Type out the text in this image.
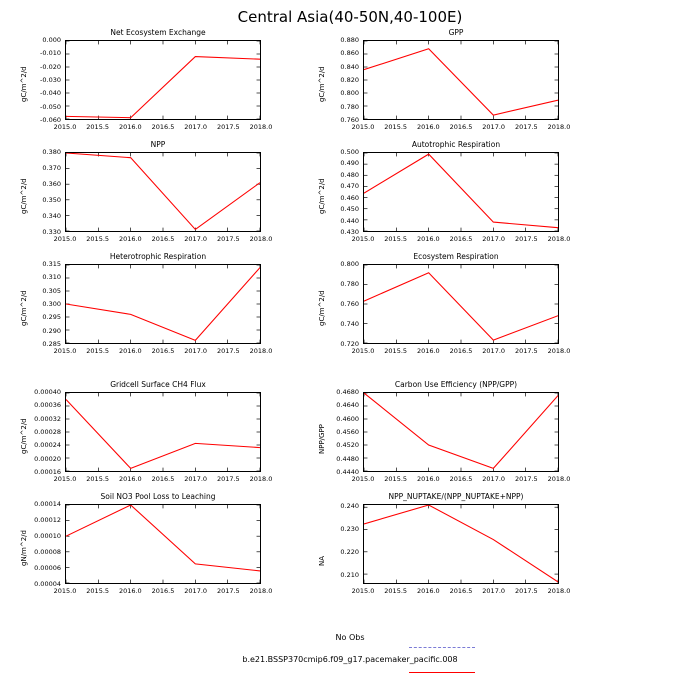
Central Asia(40-50N,40-100E)
Net Ecosystem Exchange
gC/m^2/d
0.000
-0.010
-0.020
-0.030
-0.040
-0.050
-0.060
2015.0	2015.5	2016.0	2016.5	2017.0	2017.5	2018.0
GPP
gC/m^2/d
0.880
0.860
0.840
0.820
0.800
0.780
0.760
2015.0	2015.5	2016.0	2016.5	2017.0	2017.5	2018.0
NPP
gC/m^2/d
0.380
0.370
0.360
0.350
0.340
0.330
2015.0	2015.5	2016.0	2016.5	2017.0	2017.5	2018.0
Autotrophic Respiration
gC/m^2/d
0.500
0.490
0.480
0.470
0.460
0.450
0.440
0.430
2015.0	2015.5	2016.0	2016.5	2017.0	2017.5	2018.0
Heterotrophic Respiration
gC/m^2/d
0.315
0.310
0.305
0.300
0.295
0.290
0.285
2015.0	2015.5	2016.0	2016.5	2017.0	2017.5	2018.0
Ecosystem Respiration
gC/m^2/d
0.800
0.780
0.760
0.740
0.720
2015.0	2015.5	2016.0	2016.5	2017.0	2017.5	2018.0
Gridcell Surface CH4 Flux
gC/m^2/d
0.00040
0.00036
0.00032
0.00028
0.00024
0.00020
0.00016
2015.0	2015.5	2016.0	2016.5	2017.0	2017.5	2018.0
Carbon Use Efficiency (NPP/GPP)
NPP/GPP
0.4680
0.4640
0.4600
0.4560
0.4520
0.4480
0.4440
2015.0	2015.5	2016.0	2016.5	2017.0	2017.5	2018.0
Soil NO3 Pool Loss to Leaching
gN/m^2/d
0.00014
0.00012
0.00010
0.00008
0.00006
0.00004
2015.0	2015.5	2016.0	2016.5	2017.0	2017.5	2018.0
NPP_NUPTAKE/(NPP_NUPTAKE+NPP)
NA
0.240
0.230
0.220
0.210
2015.0	2015.5	2016.0	2016.5	2017.0	2017.5	2018.0
No Obs
b.e21.BSSP370cmip6.f09_g17.pacemaker_pacific.008
